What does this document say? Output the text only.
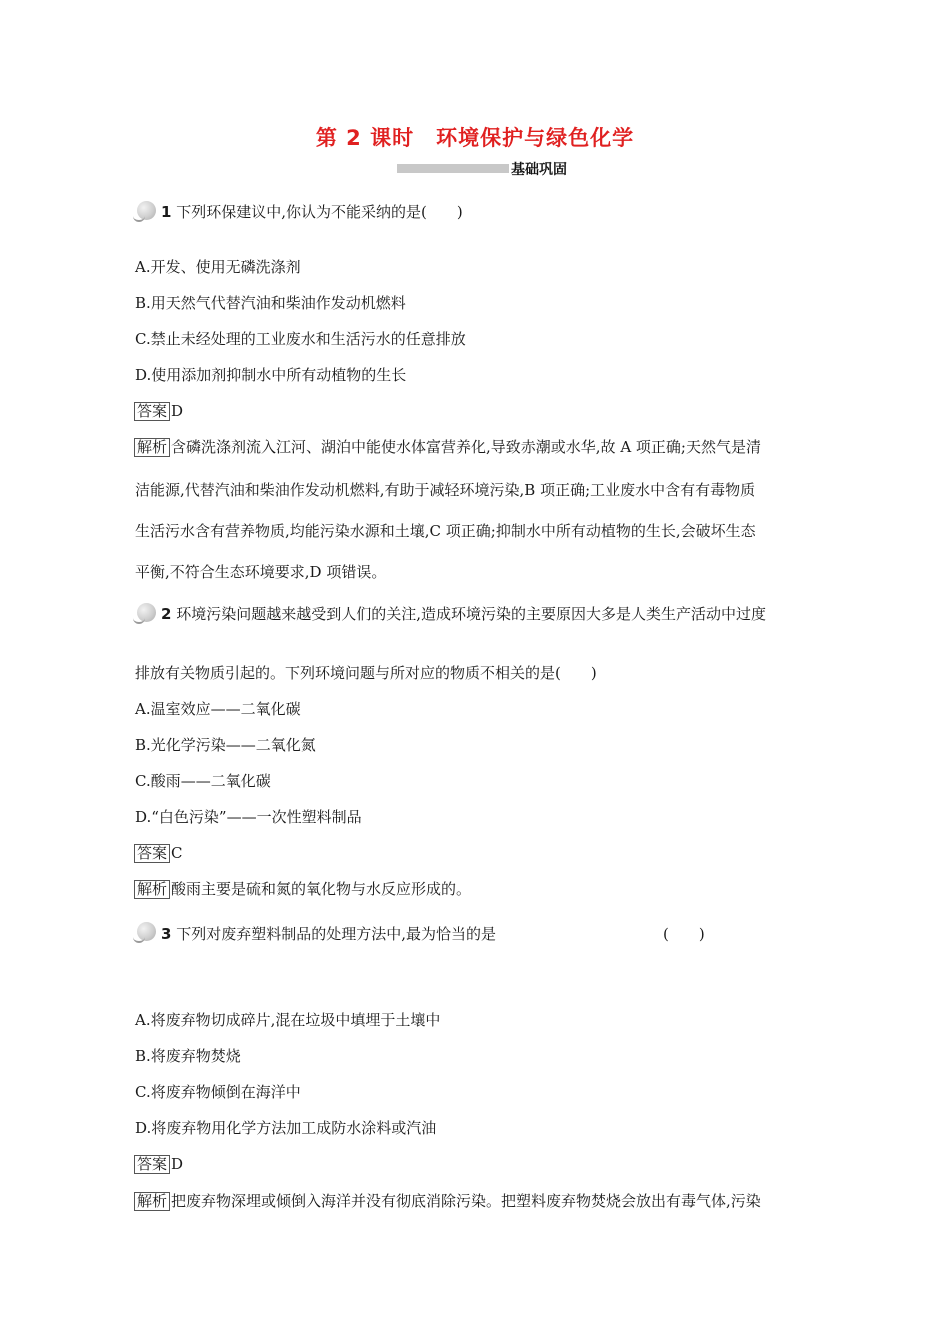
第 2 课时　环境保护与绿色化学
基础巩固
1 下列环保建议中,你认为不能采纳的是(　　)
A.开发、使用无磷洗涤剂
B.用天然气代替汽油和柴油作发动机燃料
C.禁止未经处理的工业废水和生活污水的任意排放
D.使用添加剂抑制水中所有动植物的生长
答案 D
解析 含磷洗涤剂流入江河、湖泊中能使水体富营养化,导致赤潮或水华,故 A 项正确;天然气是清
洁能源,代替汽油和柴油作发动机燃料,有助于减轻环境污染,B 项正确;工业废水中含有有毒物质
生活污水含有营养物质,均能污染水源和土壤,C 项正确;抑制水中所有动植物的生长,会破坏生态
平衡,不符合生态环境要求,D 项错误。
2 环境污染问题越来越受到人们的关注,造成环境污染的主要原因大多是人类生产活动中过度
排放有关物质引起的。下列环境问题与所对应的物质不相关的是(　　)
A.温室效应——二氧化碳
B.光化学污染——二氧化氮
C.酸雨——二氧化碳
D.“白色污染”——一次性塑料制品
答案 C
解析 酸雨主要是硫和氮的氧化物与水反应形成的。
3 下列对废弃塑料制品的处理方法中,最为恰当的是	(　　)
A.将废弃物切成碎片,混在垃圾中填埋于土壤中
B.将废弃物焚烧
C.将废弃物倾倒在海洋中
D.将废弃物用化学方法加工成防水涂料或汽油
答案 D
解析 把废弃物深埋或倾倒入海洋并没有彻底消除污染。把塑料废弃物焚烧会放出有毒气体,污染
